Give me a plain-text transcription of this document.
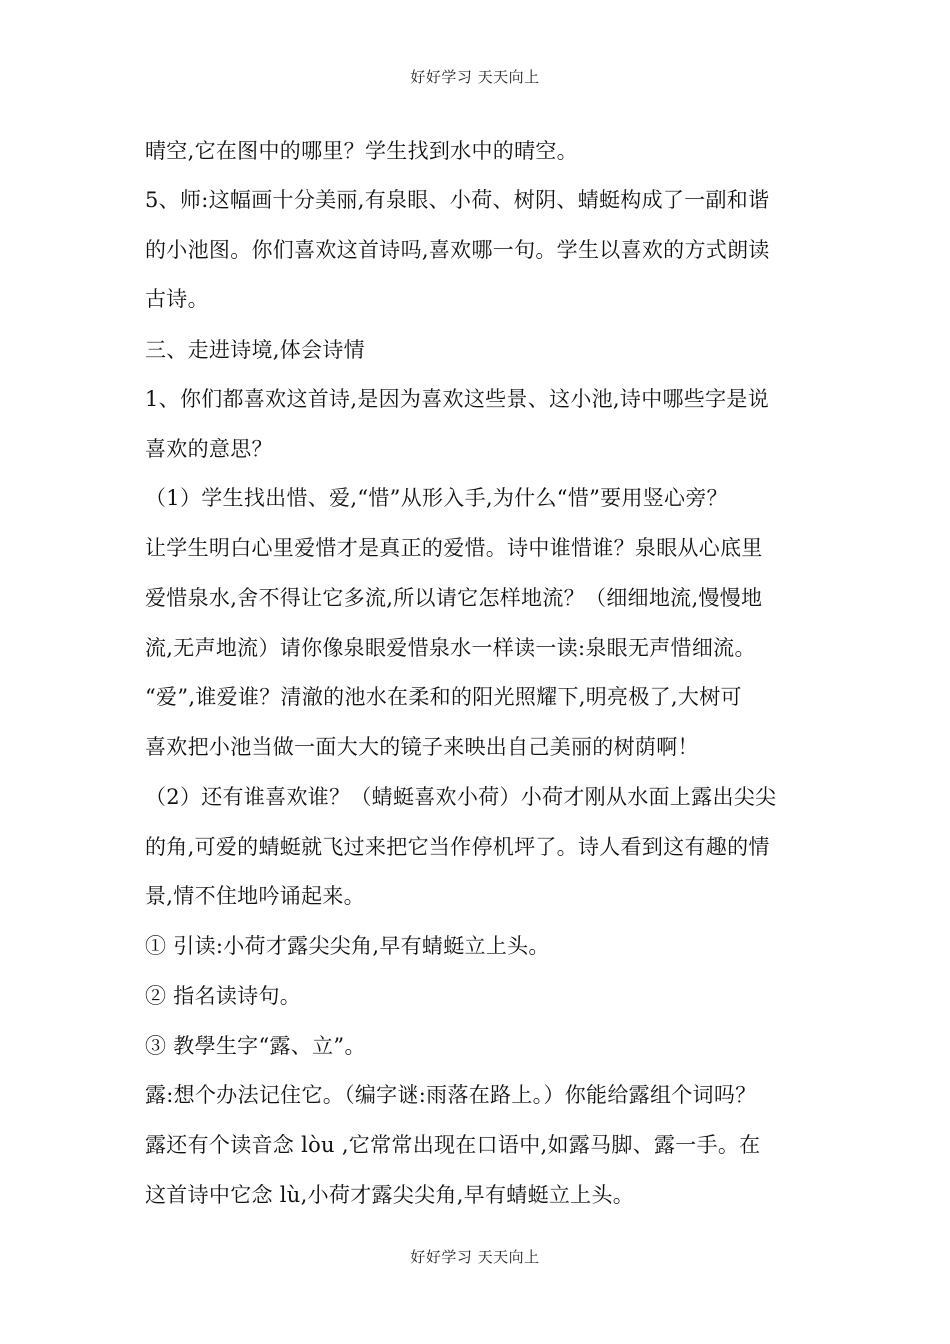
好好学习 天天向上
晴空,它在图中的哪里？学生找到水中的晴空。
5、师:这幅画十分美丽,有泉眼、小荷、树阴、蜻蜓构成了一副和谐
的小池图。你们喜欢这首诗吗,喜欢哪一句。学生以喜欢的方式朗读
古诗。
三、走进诗境,体会诗情
1、你们都喜欢这首诗,是因为喜欢这些景、这小池,诗中哪些字是说
喜欢的意思？
（1）学生找出惜、爱,“惜”从形入手,为什么“惜”要用竖心旁？
让学生明白心里爱惜才是真正的爱惜。诗中谁惜谁？泉眼从心底里
爱惜泉水,舍不得让它多流,所以请它怎样地流？（细细地流,慢慢地
流,无声地流）请你像泉眼爱惜泉水一样读一读:泉眼无声惜细流。
“爱”,谁爱谁？清澈的池水在柔和的阳光照耀下,明亮极了,大树可
喜欢把小池当做一面大大的镜子来映出自己美丽的树荫啊！
（2）还有谁喜欢谁？（蜻蜓喜欢小荷）小荷才刚从水面上露出尖尖
的角,可爱的蜻蜓就飞过来把它当作停机坪了。诗人看到这有趣的情
景,情不住地吟诵起来。
① 引读:小荷才露尖尖角,早有蜻蜓立上头。
② 指名读诗句。
③ 教學生字“露、立”。
露:想个办法记住它。（编字谜:雨落在路上。）你能给露组个词吗？
露还有个读音念 lòu ,它常常出现在口语中,如露马脚、露一手。在
这首诗中它念 lù,小荷才露尖尖角,早有蜻蜓立上头。
好好学习 天天向上
